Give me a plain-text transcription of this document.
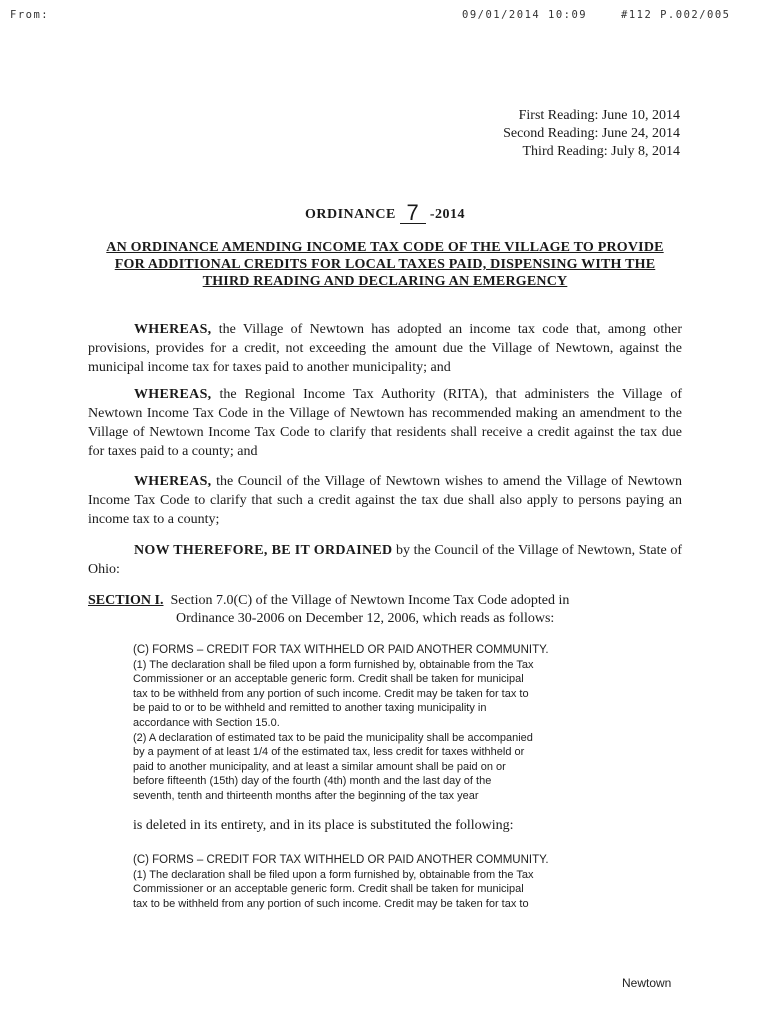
From:	09/01/2014 10:09	#112 P.002/005
First Reading: June 10, 2014
Second Reading: June 24, 2014
Third Reading: July 8, 2014
ORDINANCE 7 -2014
AN ORDINANCE AMENDING INCOME TAX CODE OF THE VILLAGE TO PROVIDE
FOR ADDITIONAL CREDITS FOR LOCAL TAXES PAID, DISPENSING WITH THE
THIRD READING AND DECLARING AN EMERGENCY
WHEREAS, the Village of Newtown has adopted an income tax code that, among other provisions, provides for a credit, not exceeding the amount due the Village of Newtown, against the municipal income tax for taxes paid to another municipality; and
WHEREAS, the Regional Income Tax Authority (RITA), that administers the Village of Newtown Income Tax Code in the Village of Newtown has recommended making an amendment to the Village of Newtown Income Tax Code to clarify that residents shall receive a credit against the tax due for taxes paid to a county; and
WHEREAS, the Council of the Village of Newtown wishes to amend the Village of Newtown Income Tax Code to clarify that such a credit against the tax due shall also apply to persons paying an income tax to a county;
NOW THEREFORE, BE IT ORDAINED by the Council of the Village of Newtown, State of Ohio:
SECTION I.  Section 7.0(C) of the Village of Newtown Income Tax Code adopted in
Ordinance 30-2006 on December 12, 2006, which reads as follows:
(C) FORMS – CREDIT FOR TAX WITHHELD OR PAID ANOTHER COMMUNITY.
(1) The declaration shall be filed upon a form furnished by, obtainable from the Tax
Commissioner or an acceptable generic form. Credit shall be taken for municipal
tax to be withheld from any portion of such income. Credit may be taken for tax to
be paid to or to be withheld and remitted to another taxing municipality in
accordance with Section 15.0.
(2) A declaration of estimated tax to be paid the municipality shall be accompanied
by a payment of at least 1/4 of the estimated tax, less credit for taxes withheld or
paid to another municipality, and at least a similar amount shall be paid on or
before fifteenth (15th) day of the fourth (4th) month and the last day of the
seventh, tenth and thirteenth months after the beginning of the tax year
is deleted in its entirety, and in its place is substituted the following:
(C) FORMS – CREDIT FOR TAX WITHHELD OR PAID ANOTHER COMMUNITY.
(1) The declaration shall be filed upon a form furnished by, obtainable from the Tax
Commissioner or an acceptable generic form. Credit shall be taken for municipal
tax to be withheld from any portion of such income. Credit may be taken for tax to
Newtown
